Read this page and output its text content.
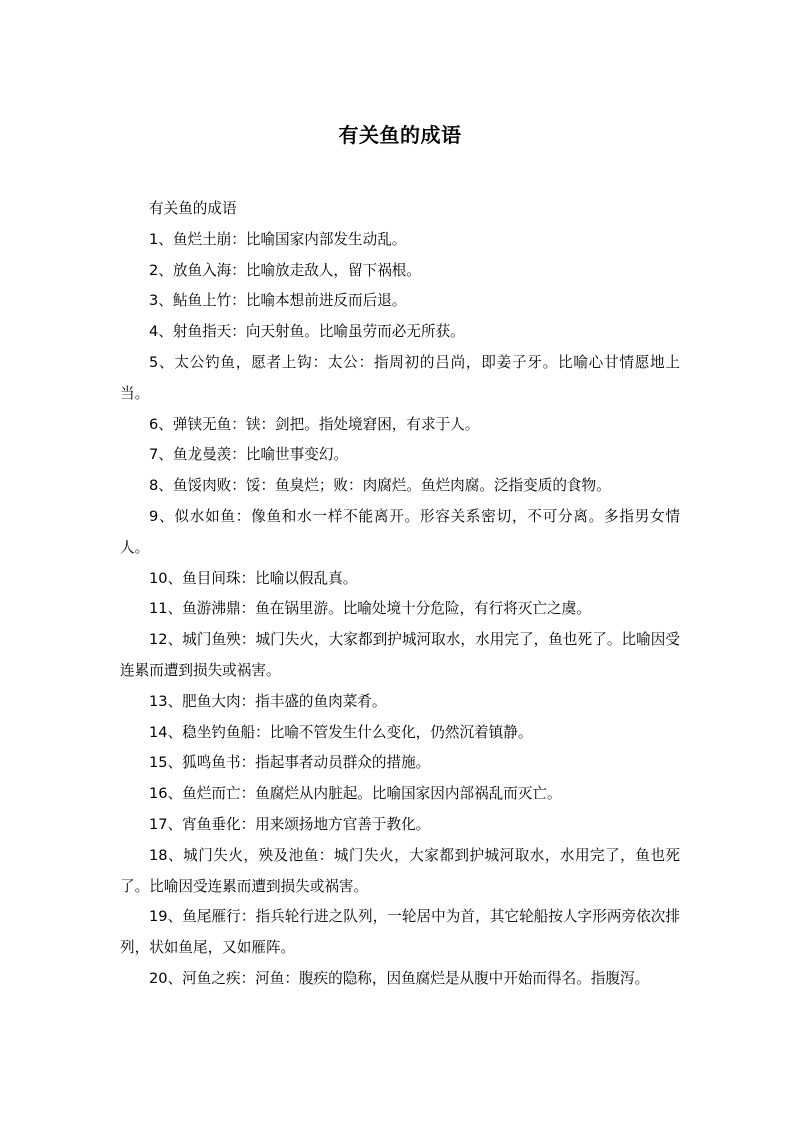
有关鱼的成语

有关鱼的成语

1、鱼烂土崩：比喻国家内部发生动乱。

2、放鱼入海：比喻放走敌人，留下祸根。

3、鲇鱼上竹：比喻本想前进反而后退。

4、射鱼指天：向天射鱼。比喻虽劳而必无所获。

5、太公钓鱼，愿者上钩：太公：指周初的吕尚，即姜子牙。比喻心甘情愿地上当。

6、弹铗无鱼：铗：剑把。指处境窘困，有求于人。

7、鱼龙曼羡：比喻世事变幻。

8、鱼馁肉败：馁：鱼臭烂；败：肉腐烂。鱼烂肉腐。泛指变质的食物。

9、似水如鱼：像鱼和水一样不能离开。形容关系密切，不可分离。多指男女情人。

10、鱼目间珠：比喻以假乱真。

11、鱼游沸鼎：鱼在锅里游。比喻处境十分危险，有行将灭亡之虞。

12、城门鱼殃：城门失火，大家都到护城河取水，水用完了，鱼也死了。比喻因受连累而遭到损失或祸害。

13、肥鱼大肉：指丰盛的鱼肉菜肴。

14、稳坐钓鱼船：比喻不管发生什么变化，仍然沉着镇静。

15、狐鸣鱼书：指起事者动员群众的措施。

16、鱼烂而亡：鱼腐烂从内脏起。比喻国家因内部祸乱而灭亡。

17、宵鱼垂化：用来颂扬地方官善于教化。

18、城门失火，殃及池鱼：城门失火，大家都到护城河取水，水用完了，鱼也死了。比喻因受连累而遭到损失或祸害。

19、鱼尾雁行：指兵轮行进之队列，一轮居中为首，其它轮船按人字形两旁依次排列，状如鱼尾，又如雁阵。

20、河鱼之疾：河鱼：腹疾的隐称，因鱼腐烂是从腹中开始而得名。指腹泻。
